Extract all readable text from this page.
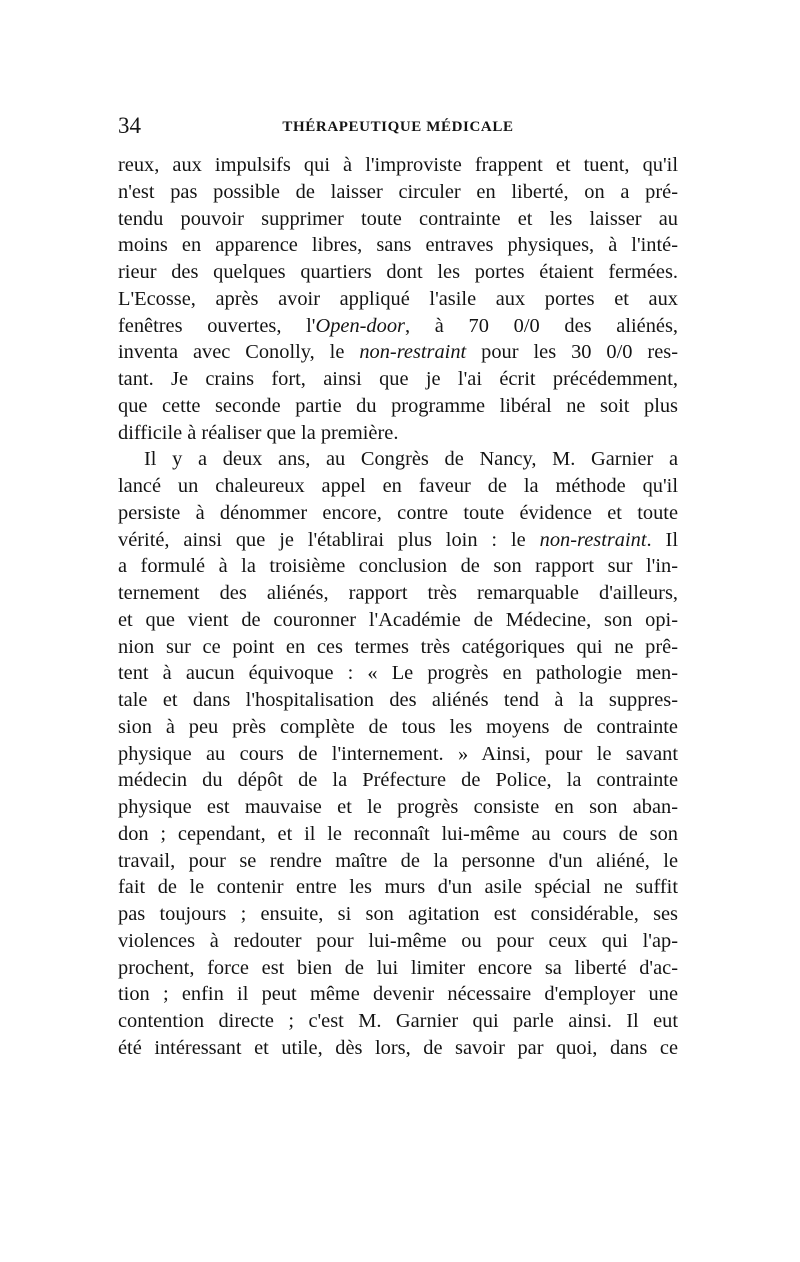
34	THÉRAPEUTIQUE MÉDICALE
reux, aux impulsifs qui à l'improviste frappent et tuent, qu'il
n'est pas possible de laisser circuler en liberté, on a pré-
tendu pouvoir supprimer toute contrainte et les laisser au
moins en apparence libres, sans entraves physiques, à l'inté-
rieur des quelques quartiers dont les portes étaient fermées.
L'Ecosse, après avoir appliqué l'asile aux portes et aux
fenêtres ouvertes, l'Open-door, à 70 0/0 des aliénés,
inventa avec Conolly, le non-restraint pour les 30 0/0 res-
tant. Je crains fort, ainsi que je l'ai écrit précédemment,
que cette seconde partie du programme libéral ne soit plus
difficile à réaliser que la première.
Il y a deux ans, au Congrès de Nancy, M. Garnier a
lancé un chaleureux appel en faveur de la méthode qu'il
persiste à dénommer encore, contre toute évidence et toute
vérité, ainsi que je l'établirai plus loin : le non-restraint. Il
a formulé à la troisième conclusion de son rapport sur l'in-
ternement des aliénés, rapport très remarquable d'ailleurs,
et que vient de couronner l'Académie de Médecine, son opi-
nion sur ce point en ces termes très catégoriques qui ne prê-
tent à aucun équivoque : « Le progrès en pathologie men-
tale et dans l'hospitalisation des aliénés tend à la suppres-
sion à peu près complète de tous les moyens de contrainte
physique au cours de l'internement. » Ainsi, pour le savant
médecin du dépôt de la Préfecture de Police, la contrainte
physique est mauvaise et le progrès consiste en son aban-
don ; cependant, et il le reconnaît lui-même au cours de son
travail, pour se rendre maître de la personne d'un aliéné, le
fait de le contenir entre les murs d'un asile spécial ne suffit
pas toujours ; ensuite, si son agitation est considérable, ses
violences à redouter pour lui-même ou pour ceux qui l'ap-
prochent, force est bien de lui limiter encore sa liberté d'ac-
tion ; enfin il peut même devenir nécessaire d'employer une
contention directe ; c'est M. Garnier qui parle ainsi. Il eut
été intéressant et utile, dès lors, de savoir par quoi, dans ce
